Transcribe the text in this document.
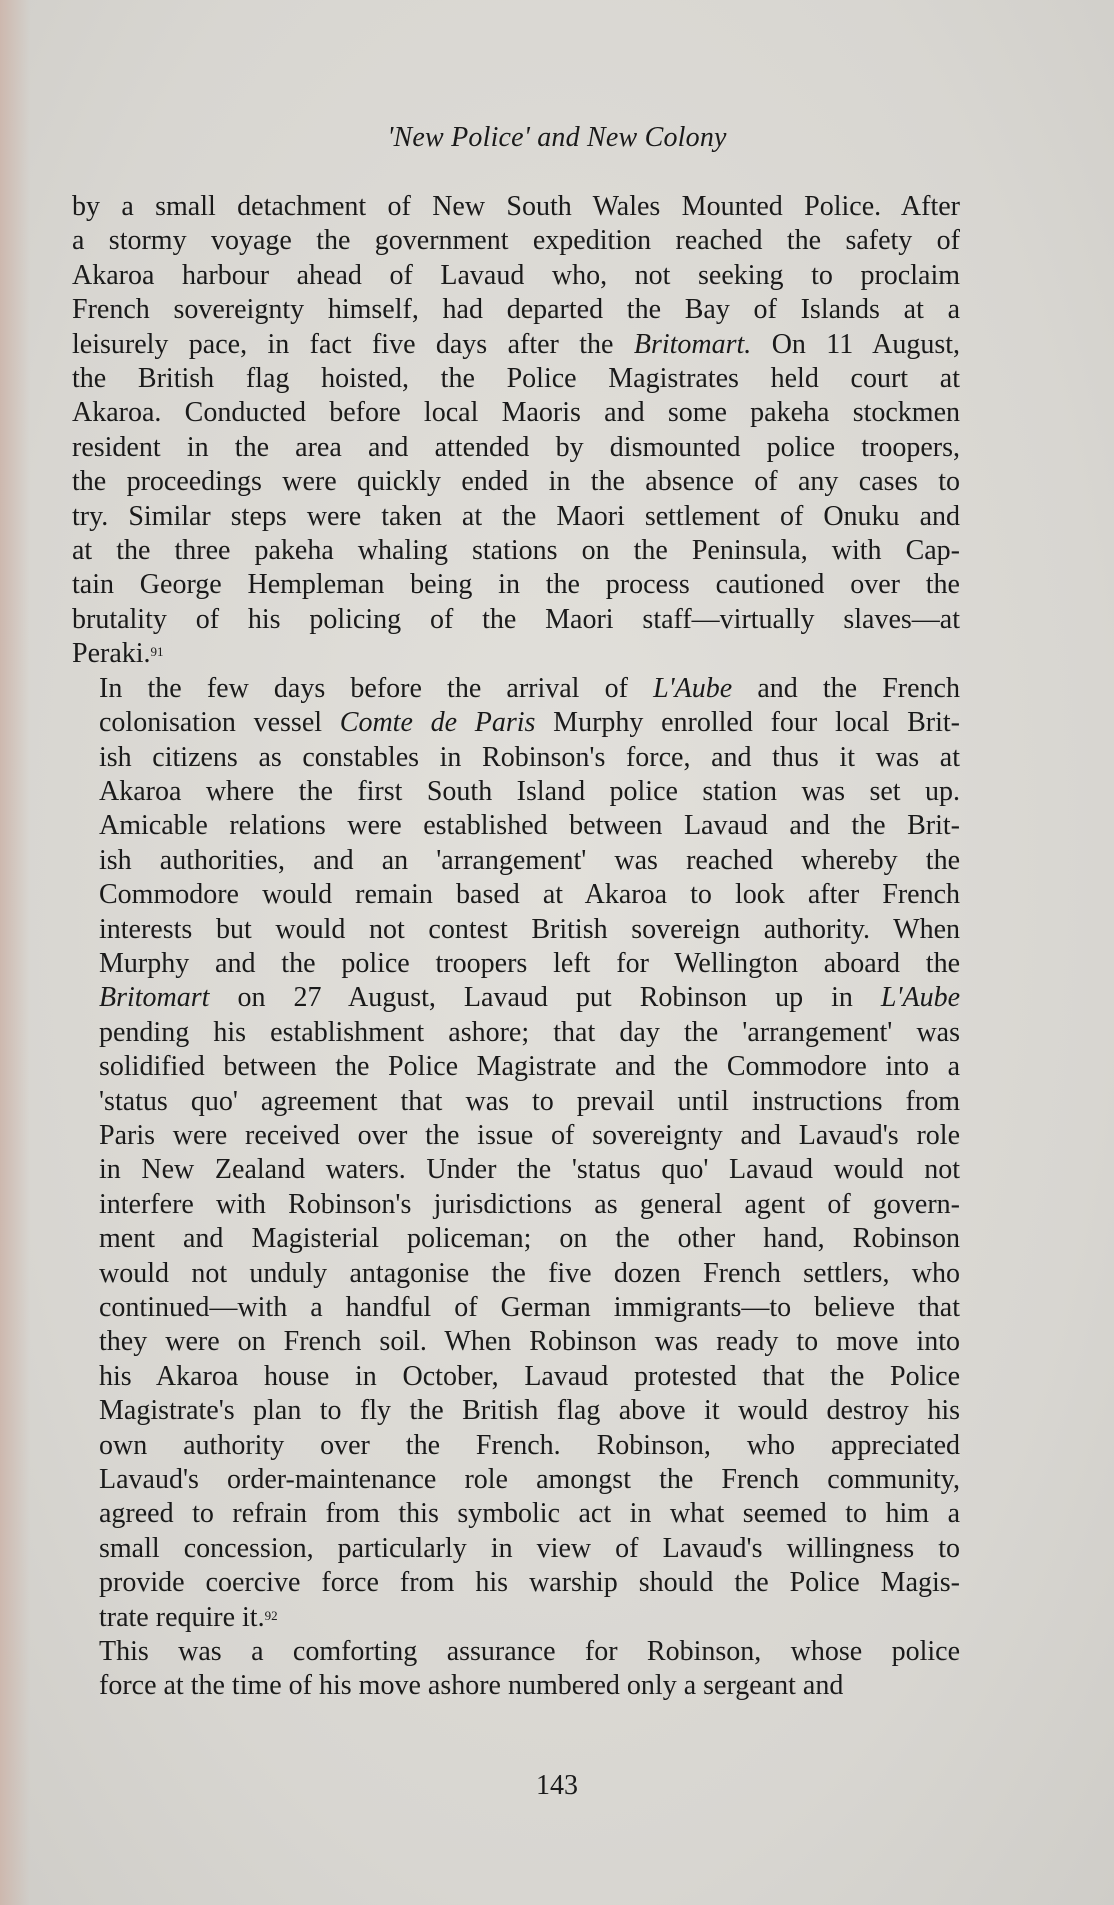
'New Police' and New Colony

by a small detachment of New South Wales Mounted Police. After
a stormy voyage the government expedition reached the safety of
Akaroa harbour ahead of Lavaud who, not seeking to proclaim
French sovereignty himself, had departed the Bay of Islands at a
leisurely pace, in fact five days after the Britomart. On 11 August,
the British flag hoisted, the Police Magistrates held court at
Akaroa. Conducted before local Maoris and some pakeha stockmen
resident in the area and attended by dismounted police troopers,
the proceedings were quickly ended in the absence of any cases to
try. Similar steps were taken at the Maori settlement of Onuku and
at the three pakeha whaling stations on the Peninsula, with Cap-
tain George Hempleman being in the process cautioned over the
brutality of his policing of the Maori staff—virtually slaves—at
Peraki.$^{91}$

In the few days before the arrival of L'Aube and the French
colonisation vessel Comte de Paris Murphy enrolled four local Brit-
ish citizens as constables in Robinson's force, and thus it was at
Akaroa where the first South Island police station was set up.
Amicable relations were established between Lavaud and the Brit-
ish authorities, and an 'arrangement' was reached whereby the
Commodore would remain based at Akaroa to look after French
interests but would not contest British sovereign authority. When
Murphy and the police troopers left for Wellington aboard the
Britomart on 27 August, Lavaud put Robinson up in L'Aube
pending his establishment ashore; that day the 'arrangement' was
solidified between the Police Magistrate and the Commodore into a
'status quo' agreement that was to prevail until instructions from
Paris were received over the issue of sovereignty and Lavaud's role
in New Zealand waters. Under the 'status quo' Lavaud would not
interfere with Robinson's jurisdictions as general agent of govern-
ment and Magisterial policeman; on the other hand, Robinson
would not unduly antagonise the five dozen French settlers, who
continued—with a handful of German immigrants—to believe that
they were on French soil. When Robinson was ready to move into
his Akaroa house in October, Lavaud protested that the Police
Magistrate's plan to fly the British flag above it would destroy his
own authority over the French. Robinson, who appreciated
Lavaud's order-maintenance role amongst the French community,
agreed to refrain from this symbolic act in what seemed to him a
small concession, particularly in view of Lavaud's willingness to
provide coercive force from his warship should the Police Magis-
trate require it.$^{92}$

This was a comforting assurance for Robinson, whose police
force at the time of his move ashore numbered only a sergeant and

143
